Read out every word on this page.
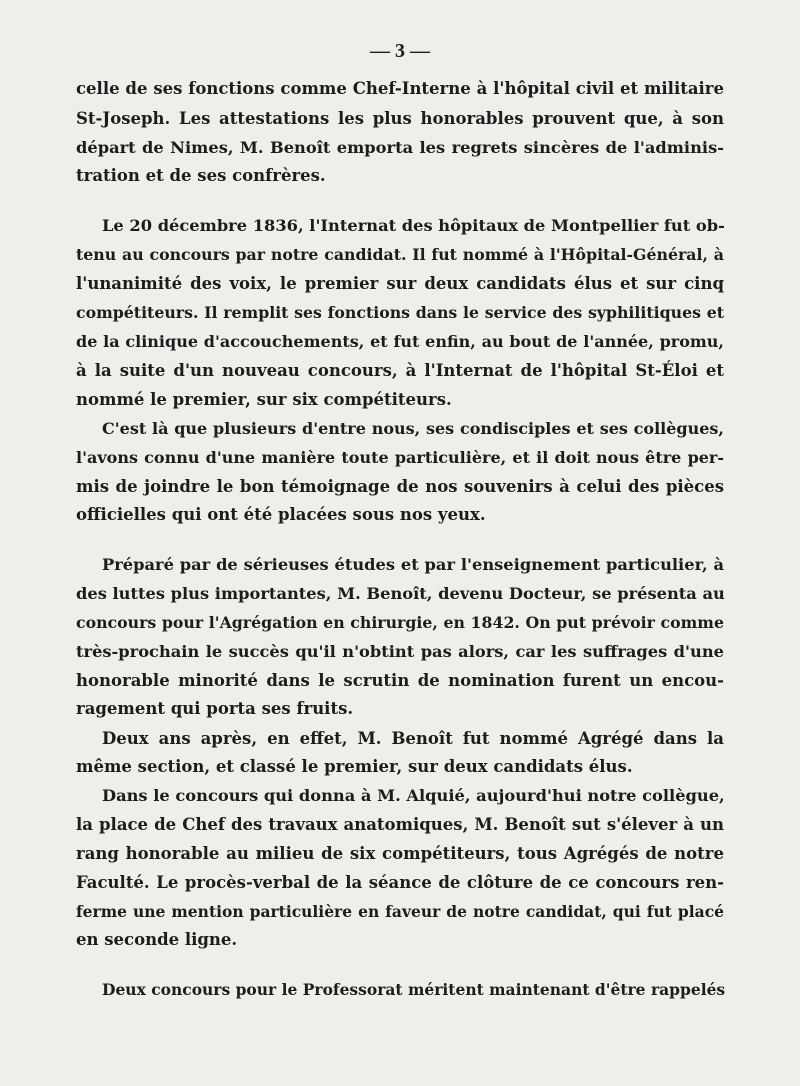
— 3 —
celle de ses fonctions comme Chef-Interne à l'hôpital civil et militaire
St-Joseph. Les attestations les plus honorables prouvent que, à son
départ de Nimes, M. Benoît emporta les regrets sincères de l'adminis-
tration et de ses confrères.
Le 20 décembre 1836, l'Internat des hôpitaux de Montpellier fut ob-
tenu au concours par notre candidat. Il fut nommé à l'Hôpital-Général, à
l'unanimité des voix, le premier sur deux candidats élus et sur cinq
compétiteurs. Il remplit ses fonctions dans le service des syphilitiques et
de la clinique d'accouchements, et fut enfin, au bout de l'année, promu,
à la suite d'un nouveau concours, à l'Internat de l'hôpital St-Éloi et
nommé le premier, sur six compétiteurs.
C'est là que plusieurs d'entre nous, ses condisciples et ses collègues,
l'avons connu d'une manière toute particulière, et il doit nous être per-
mis de joindre le bon témoignage de nos souvenirs à celui des pièces
officielles qui ont été placées sous nos yeux.
Préparé par de sérieuses études et par l'enseignement particulier, à
des luttes plus importantes, M. Benoît, devenu Docteur, se présenta au
concours pour l'Agrégation en chirurgie, en 1842. On put prévoir comme
très-prochain le succès qu'il n'obtint pas alors, car les suffrages d'une
honorable minorité dans le scrutin de nomination furent un encou-
ragement qui porta ses fruits.
Deux ans après, en effet, M. Benoît fut nommé Agrégé dans la
même section, et classé le premier, sur deux candidats élus.
Dans le concours qui donna à M. Alquié, aujourd'hui notre collègue,
la place de Chef des travaux anatomiques, M. Benoît sut s'élever à un
rang honorable au milieu de six compétiteurs, tous Agrégés de notre
Faculté. Le procès-verbal de la séance de clôture de ce concours ren-
ferme une mention particulière en faveur de notre candidat, qui fut placé
en seconde ligne.
Deux concours pour le Professorat méritent maintenant d'être rappelés
